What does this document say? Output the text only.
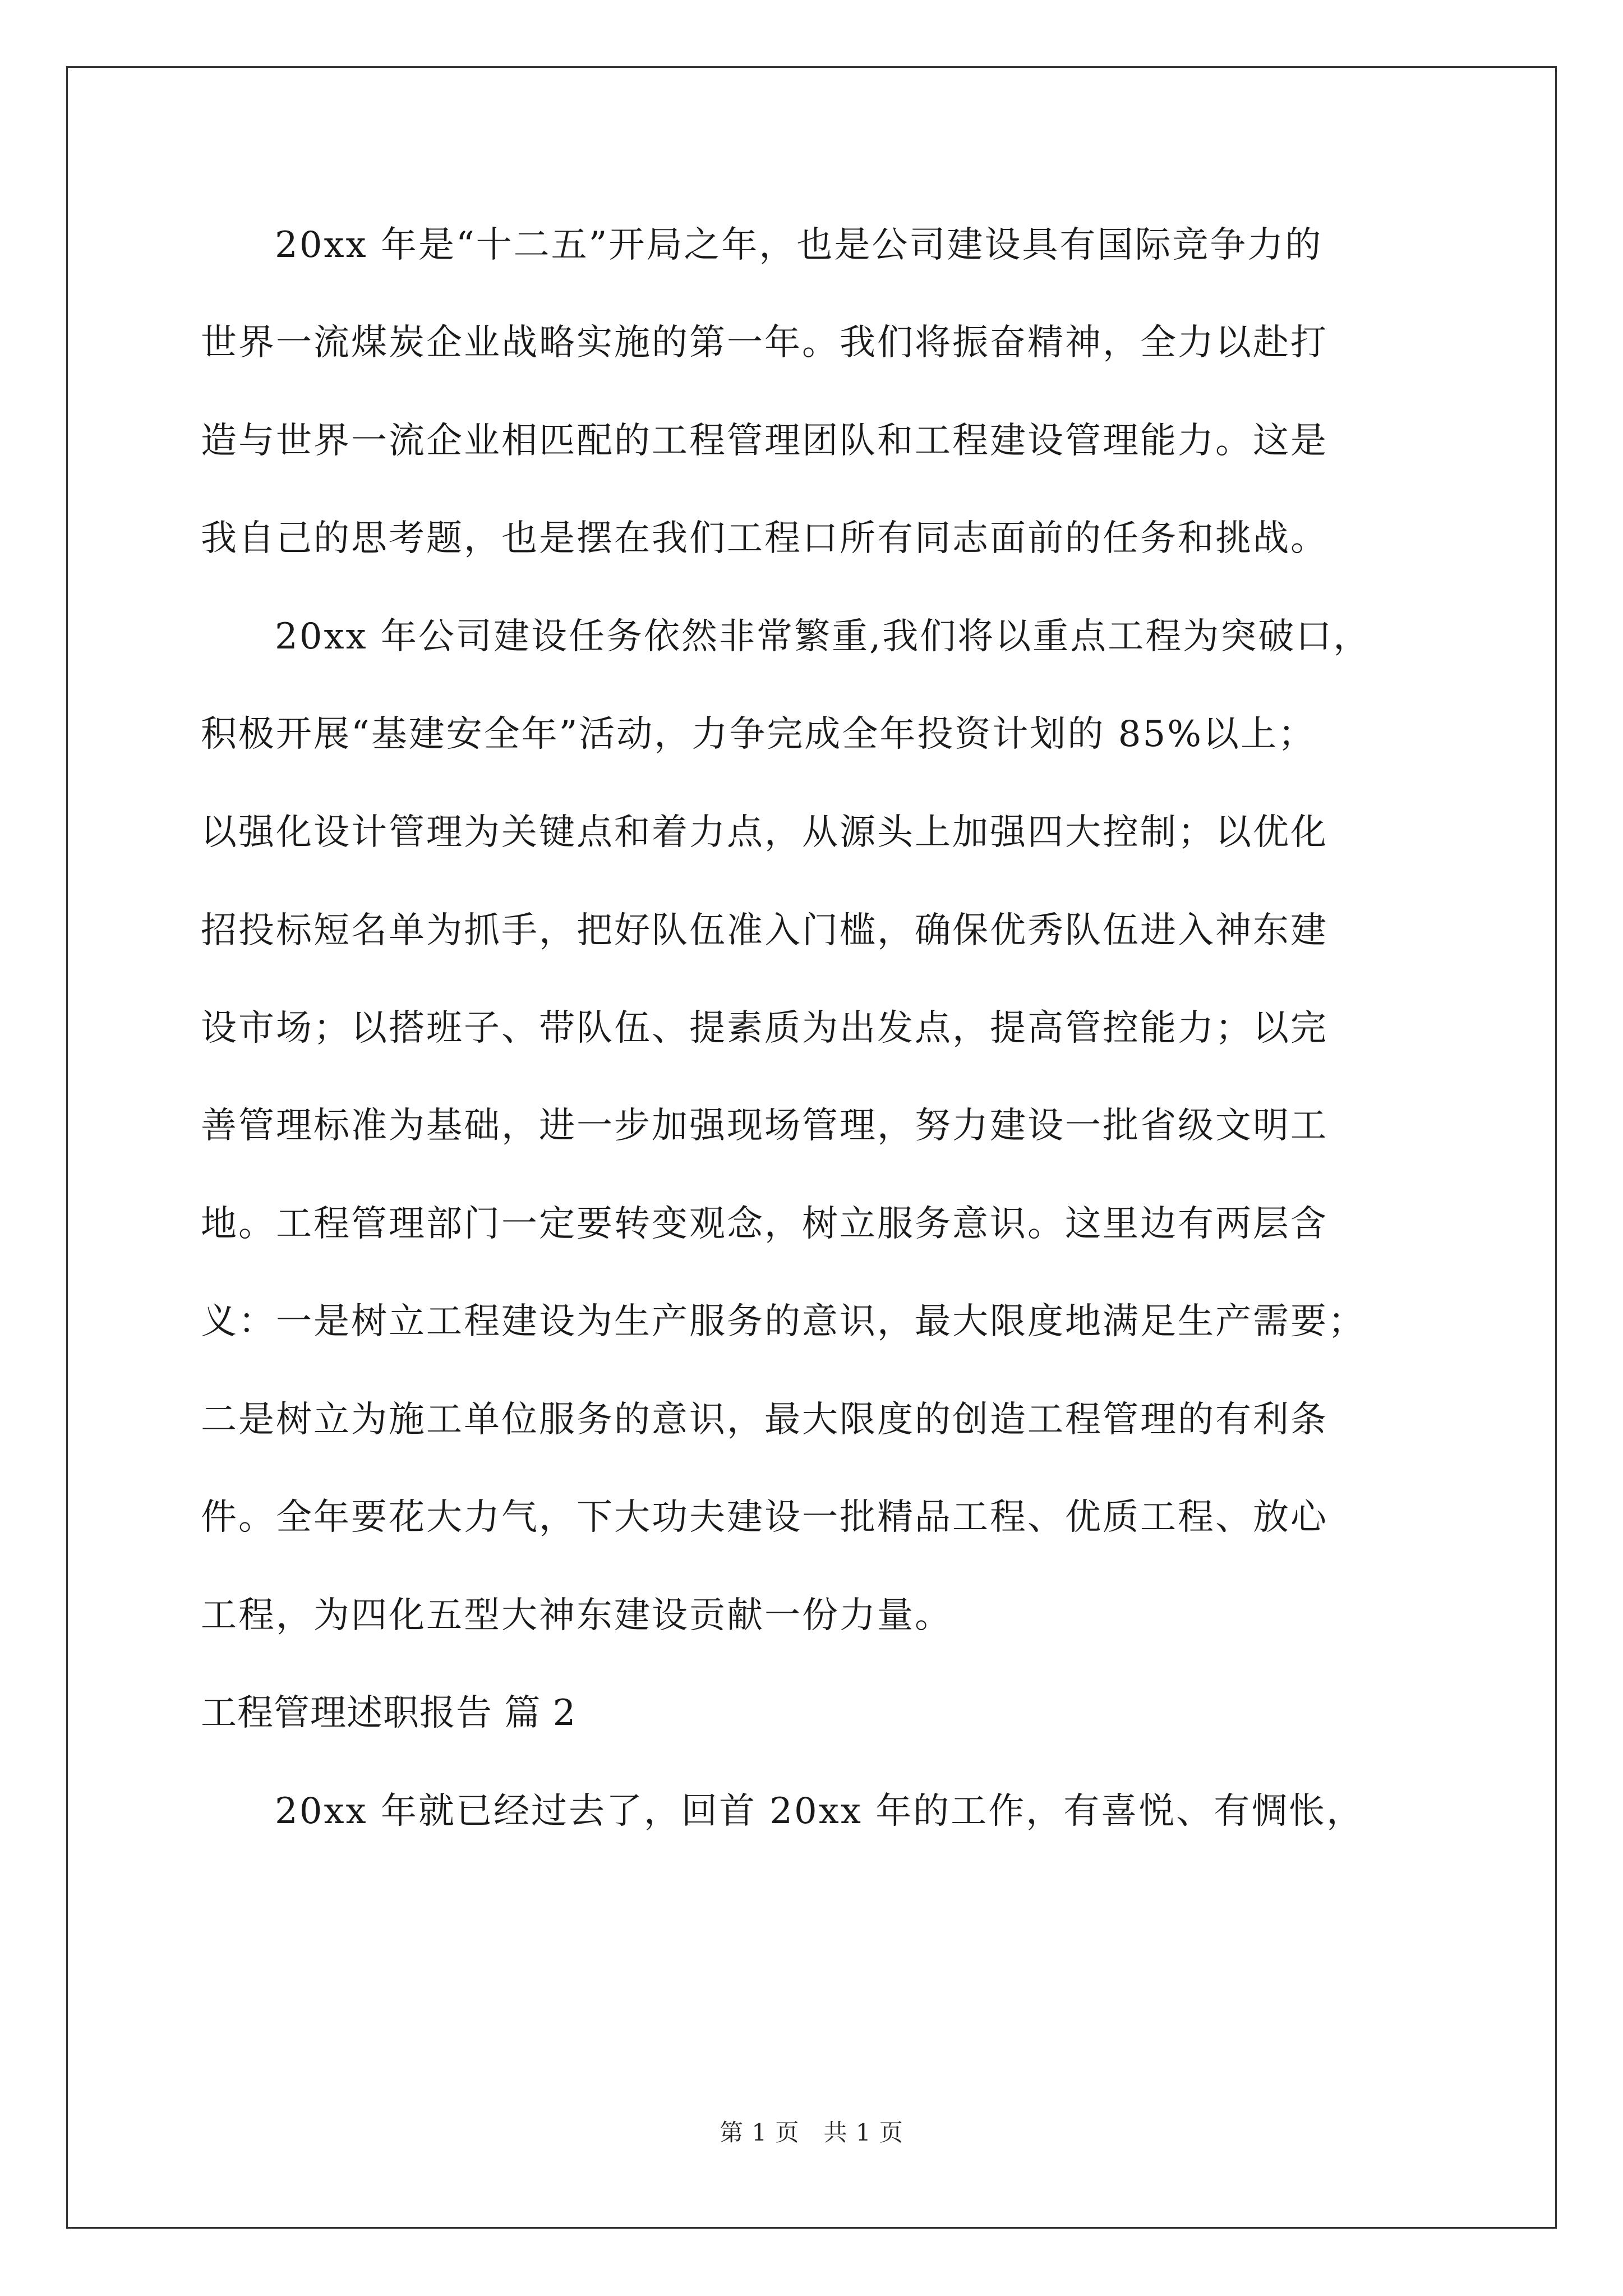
20xx 年是“十二五”开局之年，也是公司建设具有国际竞争力的
世界一流煤炭企业战略实施的第一年。我们将振奋精神，全力以赴打
造与世界一流企业相匹配的工程管理团队和工程建设管理能力。这是
我自己的思考题，也是摆在我们工程口所有同志面前的任务和挑战。
20xx 年公司建设任务依然非常繁重,我们将以重点工程为突破口，
积极开展“基建安全年”活动，力争完成全年投资计划的 85%以上；
以强化设计管理为关键点和着力点，从源头上加强四大控制；以优化
招投标短名单为抓手，把好队伍准入门槛，确保优秀队伍进入神东建
设市场；以搭班子、带队伍、提素质为出发点，提高管控能力；以完
善管理标准为基础，进一步加强现场管理，努力建设一批省级文明工
地。工程管理部门一定要转变观念，树立服务意识。这里边有两层含
义：一是树立工程建设为生产服务的意识，最大限度地满足生产需要；
二是树立为施工单位服务的意识，最大限度的创造工程管理的有利条
件。全年要花大力气，下大功夫建设一批精品工程、优质工程、放心
工程，为四化五型大神东建设贡献一份力量。
工程管理述职报告 篇 2
20xx 年就已经过去了，回首 20xx 年的工作，有喜悦、有惆怅，
第 1 页　共 1 页
